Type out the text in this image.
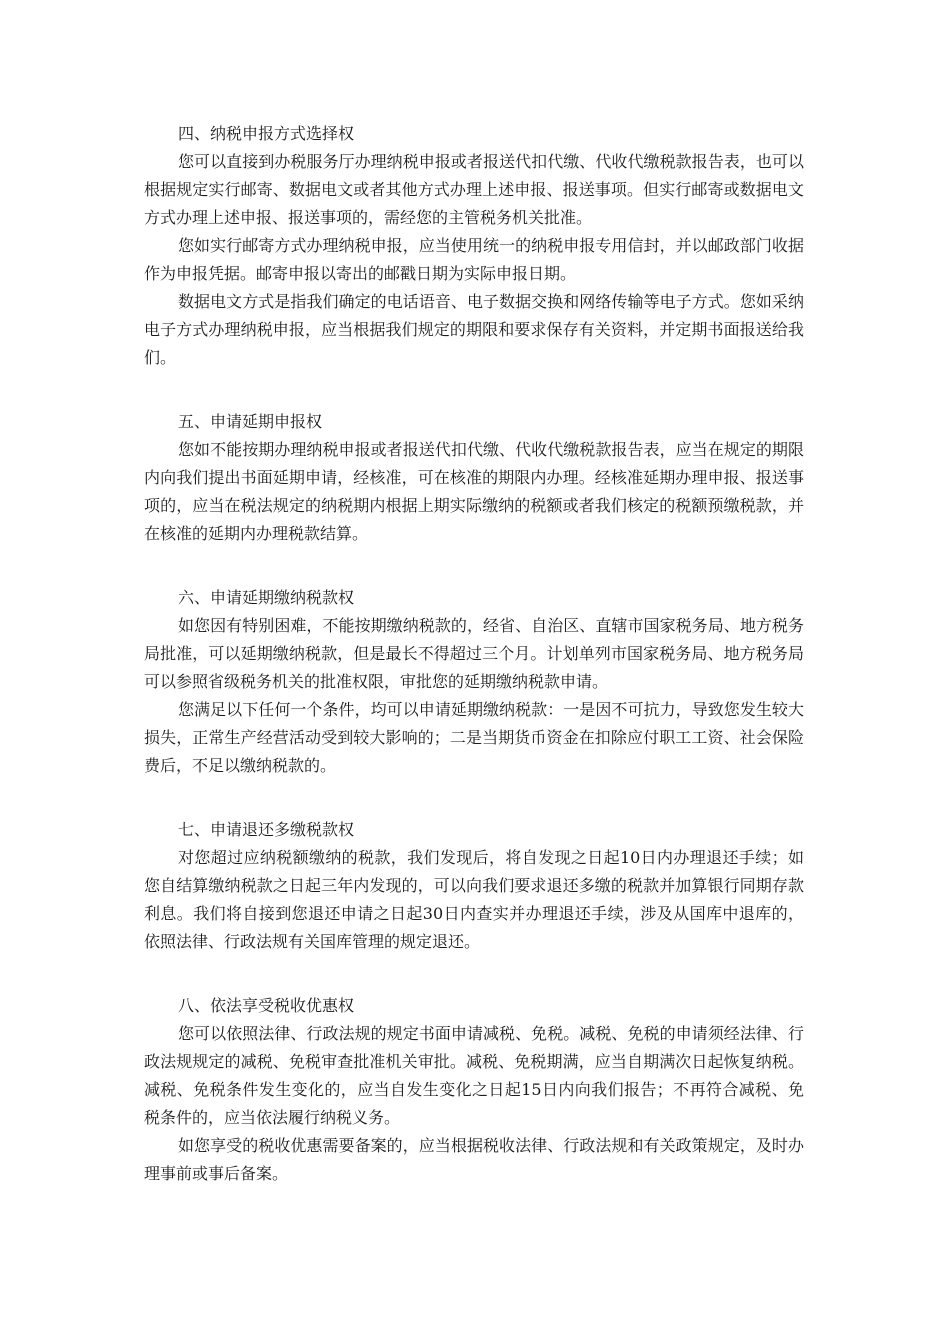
四、纳税申报方式选择权

您可以直接到办税服务厅办理纳税申报或者报送代扣代缴、代收代缴税款报告表，也可以根据规定实行邮寄、数据电文或者其他方式办理上述申报、报送事项。但实行邮寄或数据电文方式办理上述申报、报送事项的，需经您的主管税务机关批准。

您如实行邮寄方式办理纳税申报，应当使用统一的纳税申报专用信封，并以邮政部门收据作为申报凭据。邮寄申报以寄出的邮戳日期为实际申报日期。

数据电文方式是指我们确定的电话语音、电子数据交换和网络传输等电子方式。您如采纳电子方式办理纳税申报，应当根据我们规定的期限和要求保存有关资料，并定期书面报送给我们。

五、申请延期申报权

您如不能按期办理纳税申报或者报送代扣代缴、代收代缴税款报告表，应当在规定的期限内向我们提出书面延期申请，经核准，可在核准的期限内办理。经核准延期办理申报、报送事项的，应当在税法规定的纳税期内根据上期实际缴纳的税额或者我们核定的税额预缴税款，并在核准的延期内办理税款结算。

六、申请延期缴纳税款权

如您因有特别困难，不能按期缴纳税款的，经省、自治区、直辖市国家税务局、地方税务局批准，可以延期缴纳税款，但是最长不得超过三个月。计划单列市国家税务局、地方税务局可以参照省级税务机关的批准权限，审批您的延期缴纳税款申请。

您满足以下任何一个条件，均可以申请延期缴纳税款：一是因不可抗力，导致您发生较大损失，正常生产经营活动受到较大影响的；二是当期货币资金在扣除应付职工工资、社会保险费后，不足以缴纳税款的。

七、申请退还多缴税款权

对您超过应纳税额缴纳的税款，我们发现后，将自发现之日起10日内办理退还手续；如您自结算缴纳税款之日起三年内发现的，可以向我们要求退还多缴的税款并加算银行同期存款利息。我们将自接到您退还申请之日起30日内查实并办理退还手续，涉及从国库中退库的，依照法律、行政法规有关国库管理的规定退还。

八、依法享受税收优惠权

您可以依照法律、行政法规的规定书面申请减税、免税。减税、免税的申请须经法律、行政法规规定的减税、免税审查批准机关审批。减税、免税期满，应当自期满次日起恢复纳税。减税、免税条件发生变化的，应当自发生变化之日起15日内向我们报告；不再符合减税、免税条件的，应当依法履行纳税义务。

如您享受的税收优惠需要备案的，应当根据税收法律、行政法规和有关政策规定，及时办理事前或事后备案。
